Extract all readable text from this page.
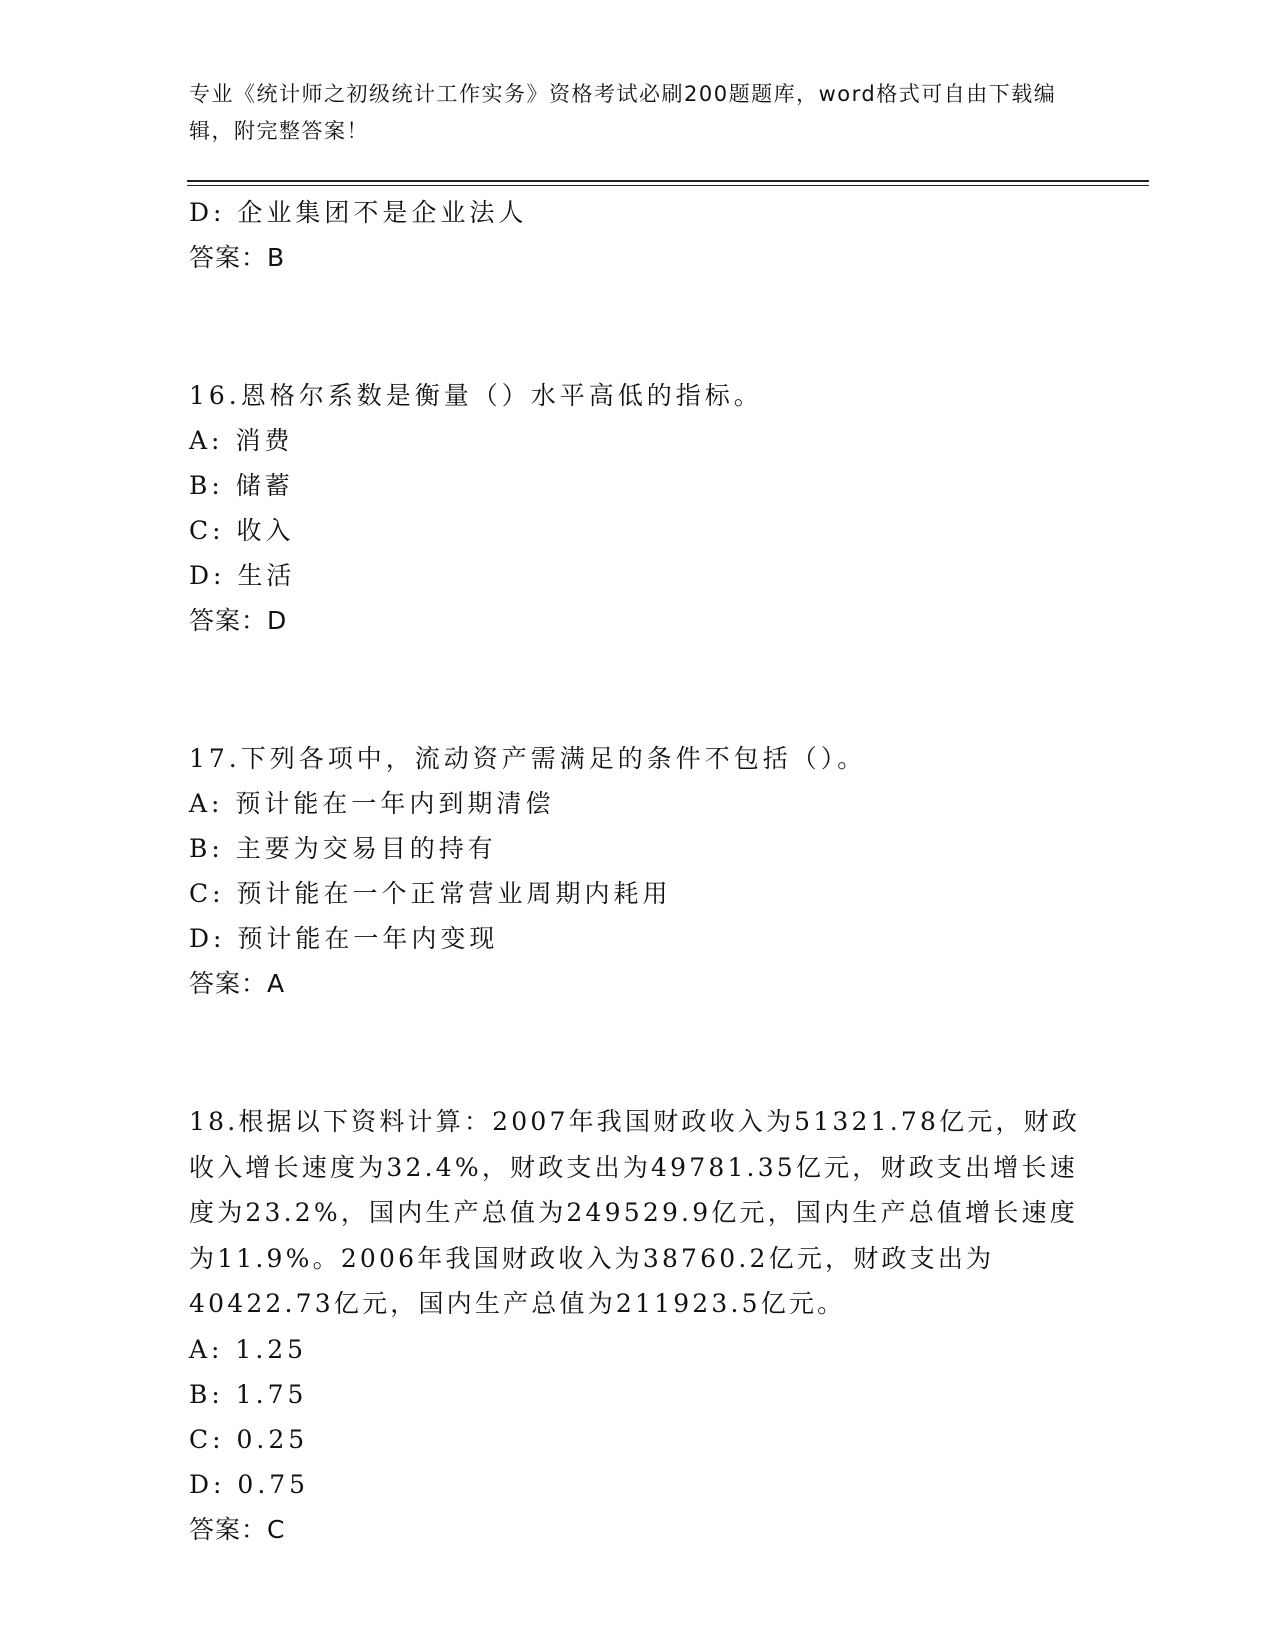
专业《统计师之初级统计工作实务》资格考试必刷200题题库，word格式可自由下载编辑，附完整答案！
D: 企业集团不是企业法人
答案：B
16.恩格尔系数是衡量（）水平高低的指标。
A: 消费
B: 储蓄
C: 收入
D: 生活
答案：D
17.下列各项中，流动资产需满足的条件不包括（）。
A: 预计能在一年内到期清偿
B: 主要为交易目的持有
C: 预计能在一个正常营业周期内耗用
D: 预计能在一年内变现
答案：A
18.根据以下资料计算：2007年我国财政收入为51321.78亿元，财政收入增长速度为32.4%，财政支出为49781.35亿元，财政支出增长速度为23.2%，国内生产总值为249529.9亿元，国内生产总值增长速度为11.9%。2006年我国财政收入为38760.2亿元，财政支出为40422.73亿元，国内生产总值为211923.5亿元。
A: 1.25
B: 1.75
C: 0.25
D: 0.75
答案：C
